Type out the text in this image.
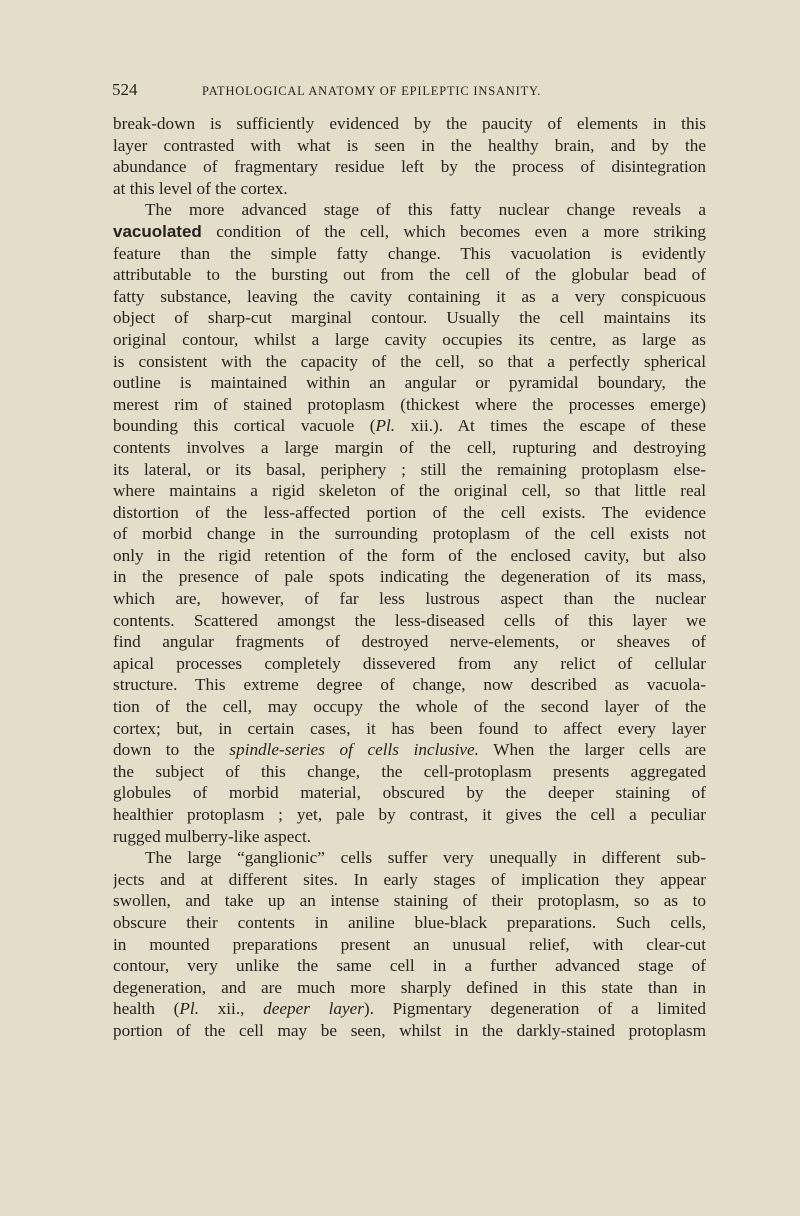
524	PATHOLOGICAL ANATOMY OF EPILEPTIC INSANITY.
break-down is sufficiently evidenced by the paucity of elements in this
layer contrasted with what is seen in the healthy brain, and by the
abundance of fragmentary residue left by the process of disintegration
at this level of the cortex.
The more advanced stage of this fatty nuclear change reveals a
vacuolated condition of the cell, which becomes even a more striking
feature than the simple fatty change. This vacuolation is evidently
attributable to the bursting out from the cell of the globular bead of
fatty substance, leaving the cavity containing it as a very conspicuous
object of sharp-cut marginal contour. Usually the cell maintains its
original contour, whilst a large cavity occupies its centre, as large as
is consistent with the capacity of the cell, so that a perfectly spherical
outline is maintained within an angular or pyramidal boundary, the
merest rim of stained protoplasm (thickest where the processes emerge)
bounding this cortical vacuole (Pl. xii.). At times the escape of these
contents involves a large margin of the cell, rupturing and destroying
its lateral, or its basal, periphery ; still the remaining protoplasm else-
where maintains a rigid skeleton of the original cell, so that little real
distortion of the less-affected portion of the cell exists. The evidence
of morbid change in the surrounding protoplasm of the cell exists not
only in the rigid retention of the form of the enclosed cavity, but also
in the presence of pale spots indicating the degeneration of its mass,
which are, however, of far less lustrous aspect than the nuclear
contents. Scattered amongst the less-diseased cells of this layer we
find angular fragments of destroyed nerve-elements, or sheaves of
apical processes completely dissevered from any relict of cellular
structure. This extreme degree of change, now described as vacuola-
tion of the cell, may occupy the whole of the second layer of the
cortex; but, in certain cases, it has been found to affect every layer
down to the spindle-series of cells inclusive. When the larger cells are
the subject of this change, the cell-protoplasm presents aggregated
globules of morbid material, obscured by the deeper staining of
healthier protoplasm ; yet, pale by contrast, it gives the cell a peculiar
rugged mulberry-like aspect.
The large “ganglionic” cells suffer very unequally in different sub-
jects and at different sites. In early stages of implication they appear
swollen, and take up an intense staining of their protoplasm, so as to
obscure their contents in aniline blue-black preparations. Such cells,
in mounted preparations present an unusual relief, with clear-cut
contour, very unlike the same cell in a further advanced stage of
degeneration, and are much more sharply defined in this state than in
health (Pl. xii., deeper layer). Pigmentary degeneration of a limited
portion of the cell may be seen, whilst in the darkly-stained protoplasm
